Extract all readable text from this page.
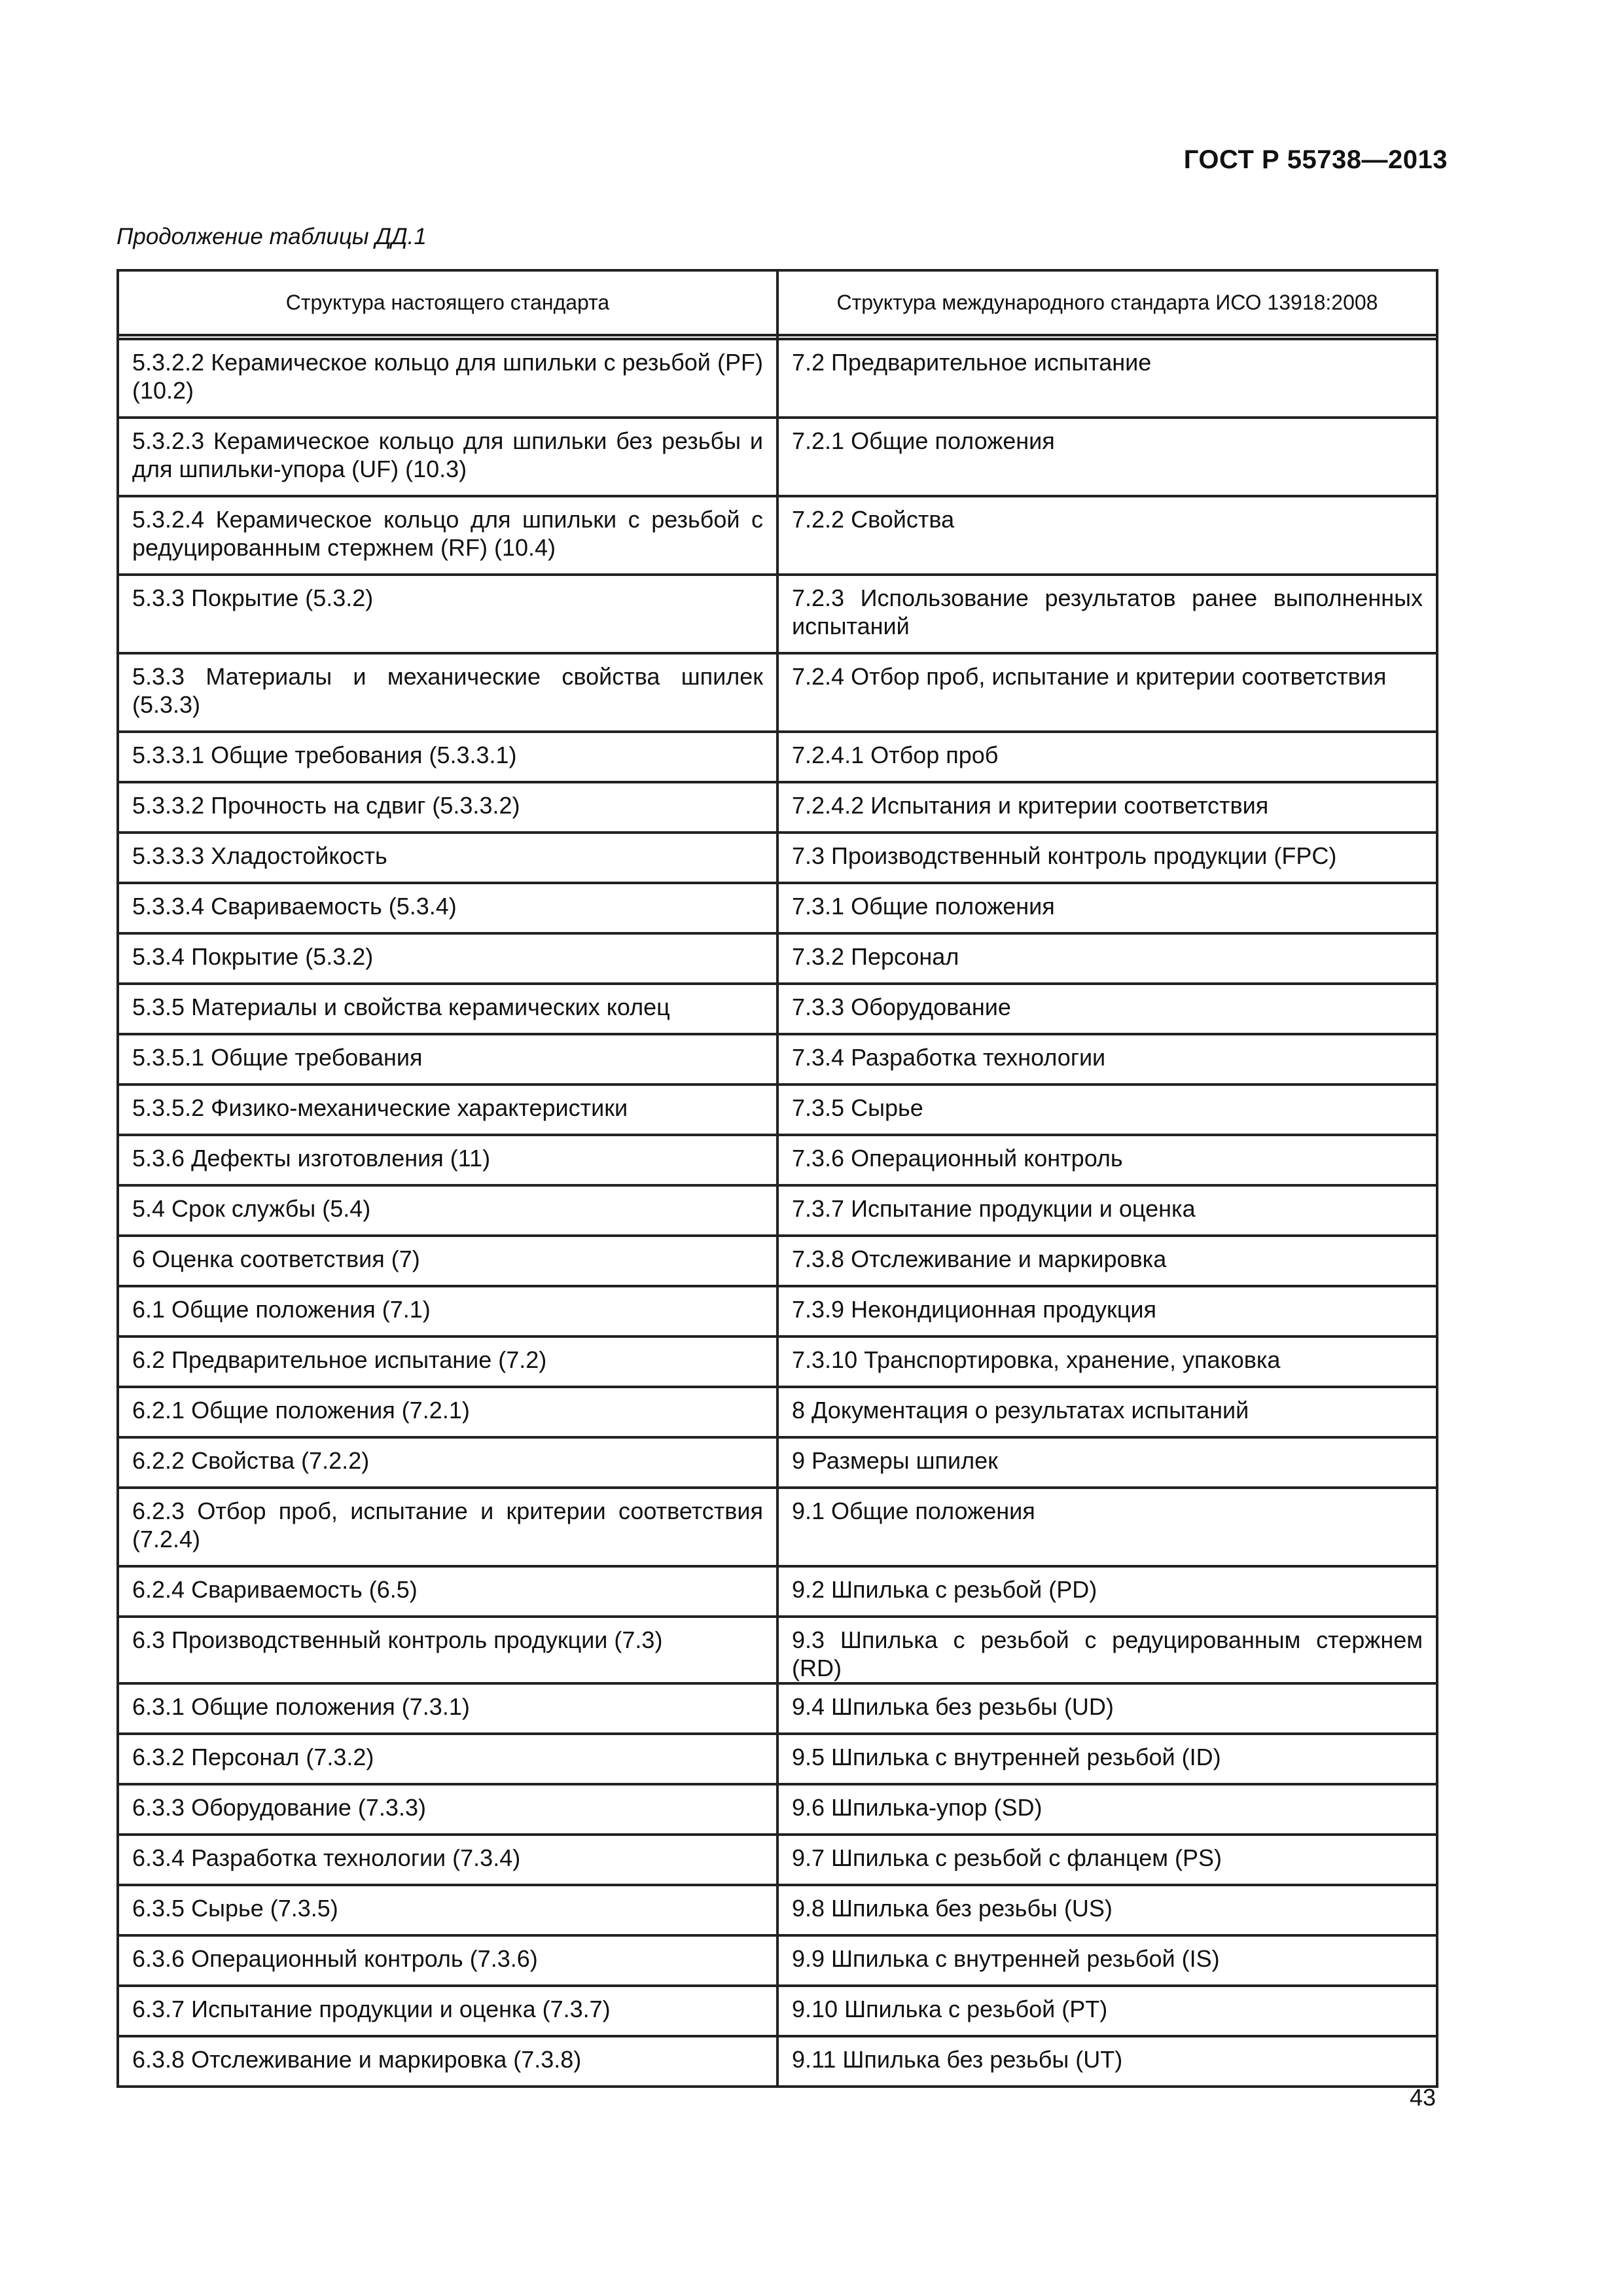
ГОСТ Р 55738—2013
Продолжение таблицы ДД.1
Структура настоящего стандарта	Структура международного стандарта ИСО 13918:2008

5.3.2.2 Керамическое кольцо для шпильки с резьбой (PF) (10.2)	7.2 Предварительное испытание

5.3.2.3 Керамическое кольцо для шпильки без резьбы и для шпильки-упора (UF) (10.3)	7.2.1 Общие положения

5.3.2.4 Керамическое кольцо для шпильки с резьбой с редуцированным стержнем (RF) (10.4)	7.2.2 Свойства

5.3.3 Покрытие (5.3.2)	7.2.3 Использование результатов ранее выполненных испытаний

5.3.3 Материалы и механические свойства шпилек (5.3.3)	7.2.4 Отбор проб, испытание и критерии соответствия

5.3.3.1 Общие требования (5.3.3.1)	7.2.4.1 Отбор проб

5.3.3.2 Прочность на сдвиг (5.3.3.2)	7.2.4.2 Испытания и критерии соответствия

5.3.3.3 Хладостойкость	7.3 Производственный контроль продукции (FPC)

5.3.3.4 Свариваемость (5.3.4)	7.3.1 Общие положения

5.3.4 Покрытие (5.3.2)	7.3.2 Персонал

5.3.5 Материалы и свойства керамических колец	7.3.3 Оборудование

5.3.5.1 Общие требования	7.3.4 Разработка технологии

5.3.5.2 Физико-механические характеристики	7.3.5 Сырье

5.3.6 Дефекты изготовления (11)	7.3.6 Операционный контроль

5.4 Срок службы (5.4)	7.3.7 Испытание продукции и оценка

6 Оценка соответствия (7)	7.3.8 Отслеживание и маркировка

6.1 Общие положения (7.1)	7.3.9 Некондиционная продукция

6.2 Предварительное испытание (7.2)	7.3.10 Транспортировка, хранение, упаковка

6.2.1 Общие положения (7.2.1)	8 Документация о результатах испытаний

6.2.2 Свойства (7.2.2)	9 Размеры шпилек

6.2.3 Отбор проб, испытание и критерии соответствия (7.2.4)	9.1 Общие положения

6.2.4 Свариваемость (6.5)	9.2 Шпилька с резьбой (PD)

6.3 Производственный контроль продукции (7.3)	9.3 Шпилька с резьбой с редуцированным стержнем (RD)

6.3.1 Общие положения (7.3.1)	9.4 Шпилька без резьбы (UD)

6.3.2 Персонал (7.3.2)	9.5 Шпилька с внутренней резьбой (ID)

6.3.3 Оборудование (7.3.3)	9.6 Шпилька-упор (SD)

6.3.4 Разработка технологии (7.3.4)	9.7 Шпилька с резьбой с фланцем (PS)

6.3.5 Сырье (7.3.5)	9.8 Шпилька без резьбы (US)

6.3.6 Операционный контроль (7.3.6)	9.9 Шпилька с внутренней резьбой (IS)

6.3.7 Испытание продукции и оценка (7.3.7)	9.10 Шпилька с резьбой (PT)

6.3.8 Отслеживание и маркировка (7.3.8)	9.11 Шпилька без резьбы (UT)
43
